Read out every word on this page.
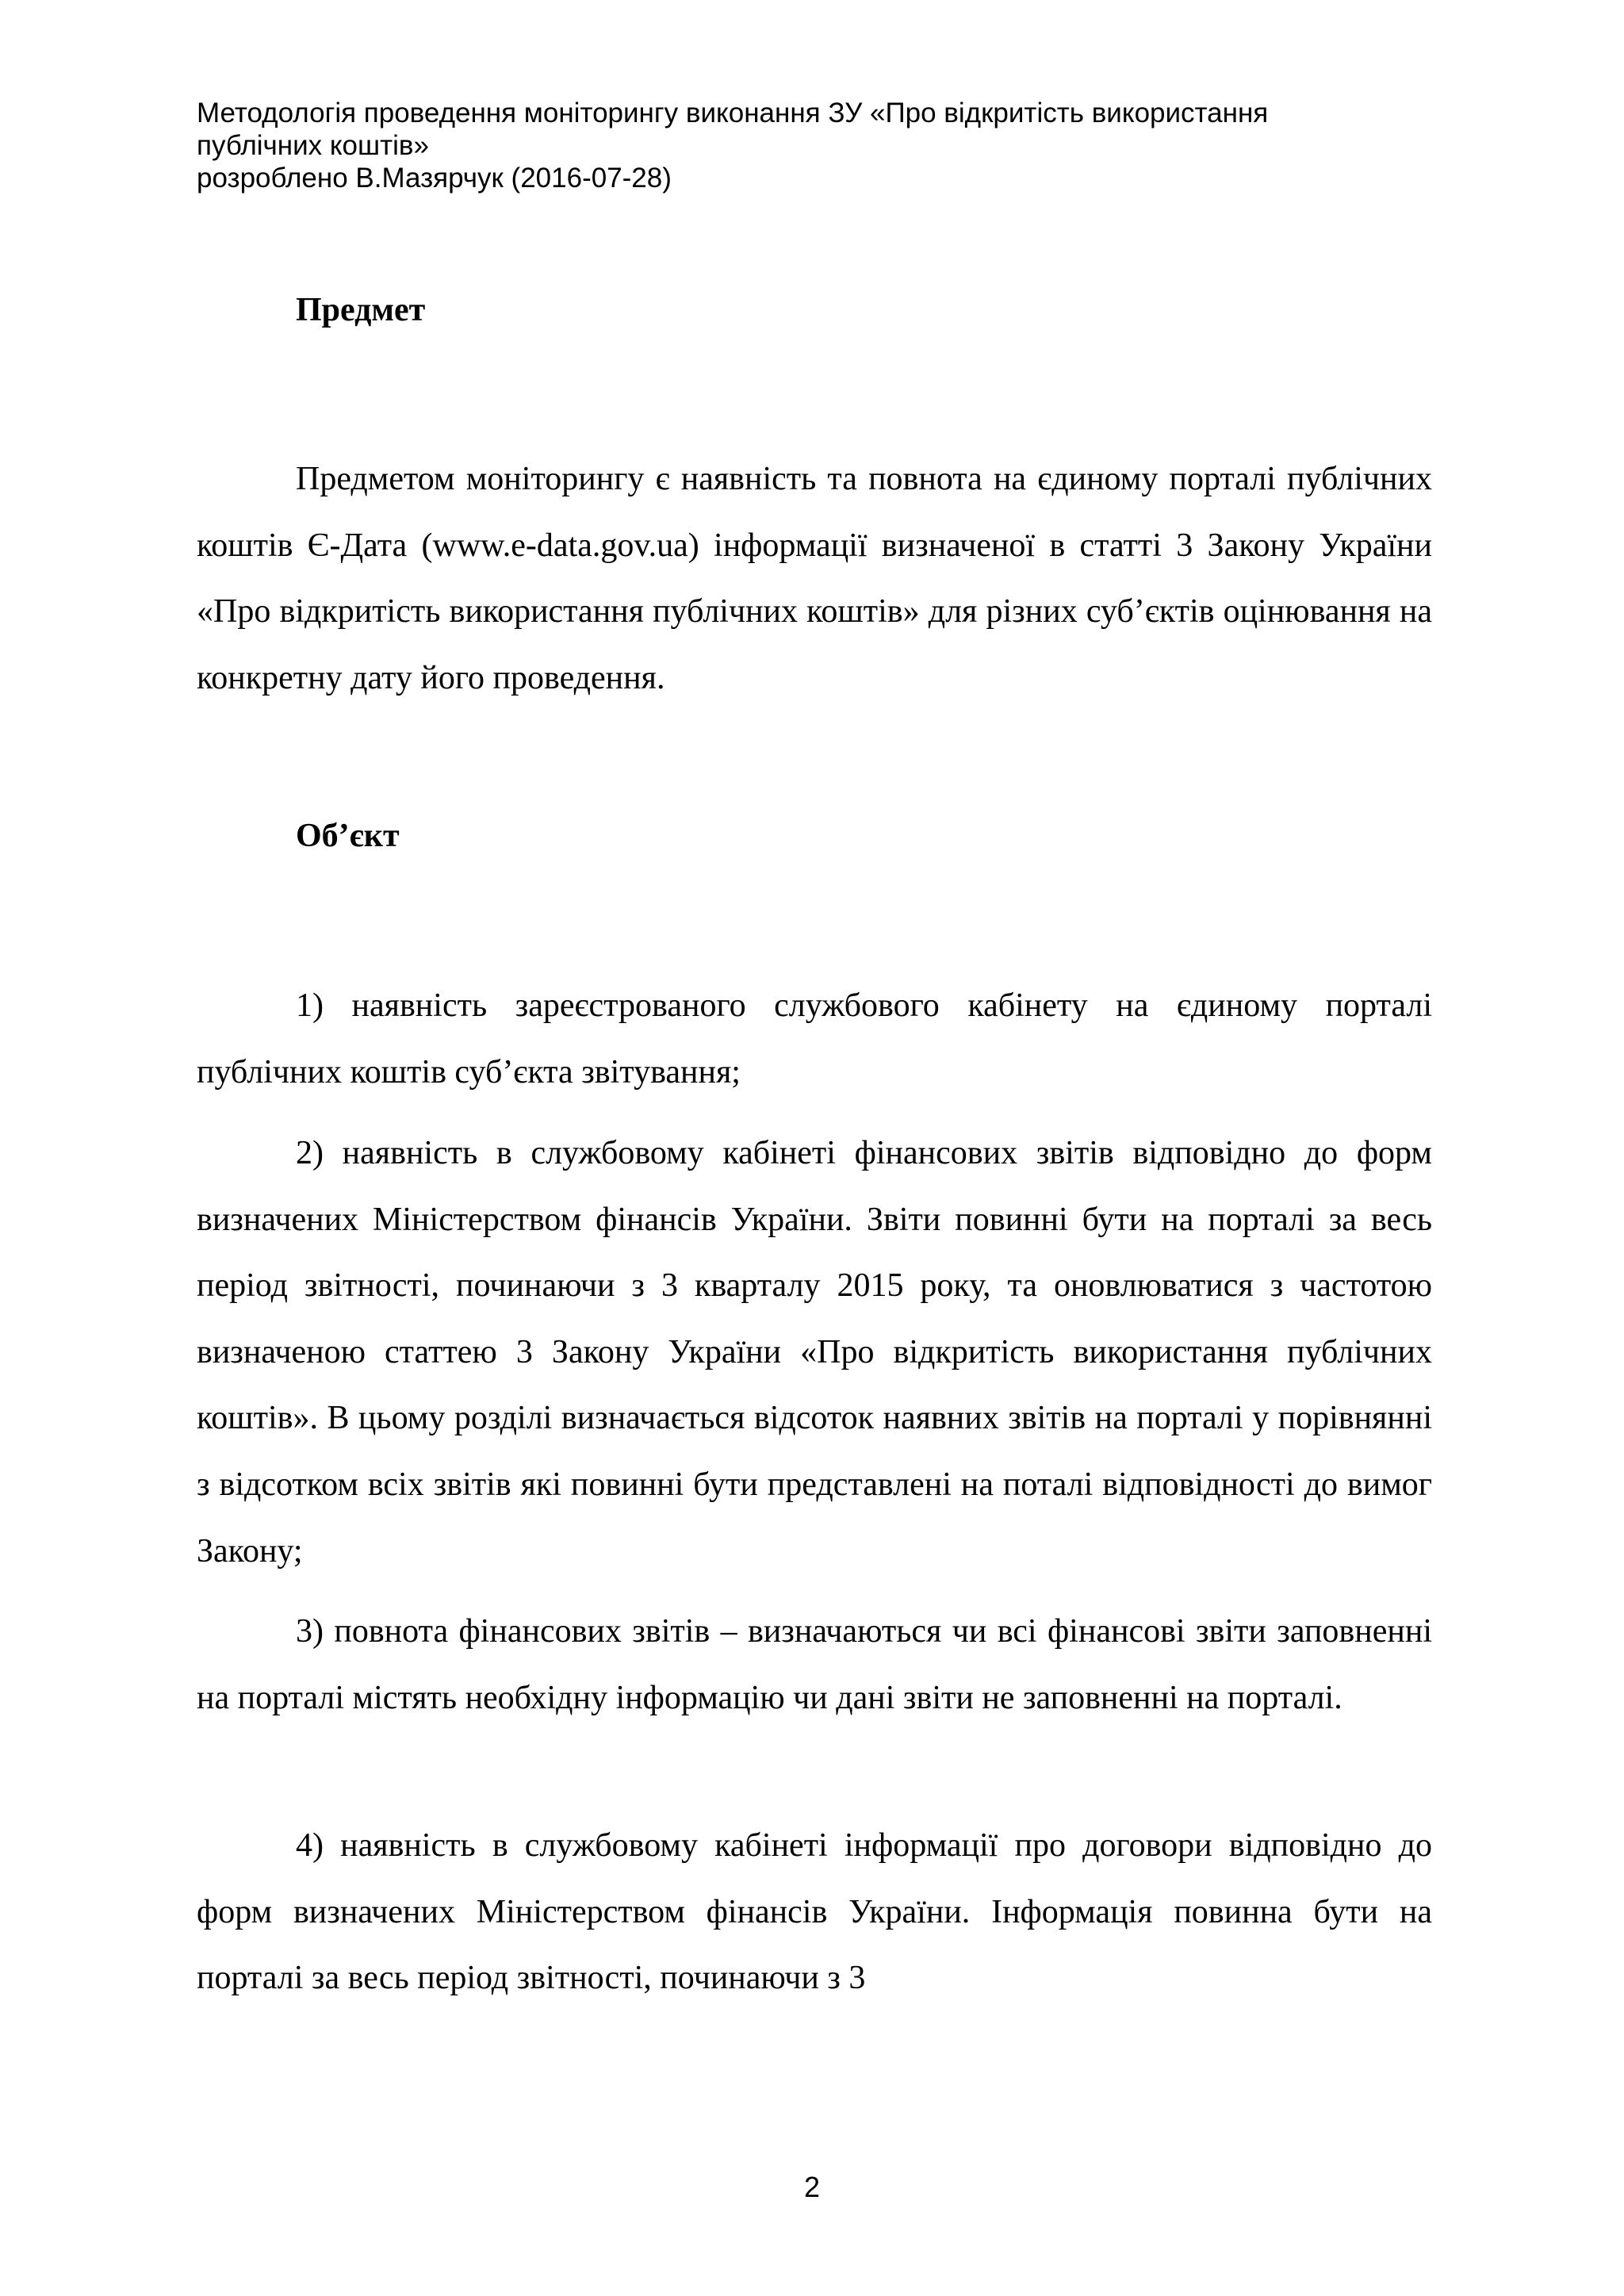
Методологія проведення моніторингу виконання ЗУ «Про відкритість використання
публічних коштів»
розроблено В.Мазярчук (2016-07-28)
Предмет

Предметом моніторингу є наявність та повнота на єдиному порталі публічних коштів Є-Дата (www.e-data.gov.ua) інформації визначеної в статті 3 Закону України «Про відкритість використання публічних коштів» для різних суб’єктів оцінювання на конкретну дату його проведення.

Об’єкт

1) наявність зареєстрованого службового кабінету на єдиному порталі публічних коштів суб’єкта звітування;

2) наявність в службовому кабінеті фінансових звітів відповідно до форм визначених Міністерством фінансів України. Звіти повинні бути на порталі за весь період звітності, починаючи з 3 кварталу 2015 року, та оновлюватися з частотою визначеною статтею 3 Закону України «Про відкритість використання публічних коштів». В цьому розділі визначається відсоток наявних звітів на порталі у порівнянні з відсотком всіх звітів які повинні бути представлені на поталі відповідності до вимог Закону;

3) повнота фінансових звітів – визначаються чи всі фінансові звіти заповненні на порталі містять необхідну інформацію чи дані звіти не заповненні на порталі.

4) наявність в службовому кабінеті інформації про договори відповідно до форм визначених Міністерством фінансів України. Інформація повинна бути на порталі за весь період звітності, починаючи з 3

2
